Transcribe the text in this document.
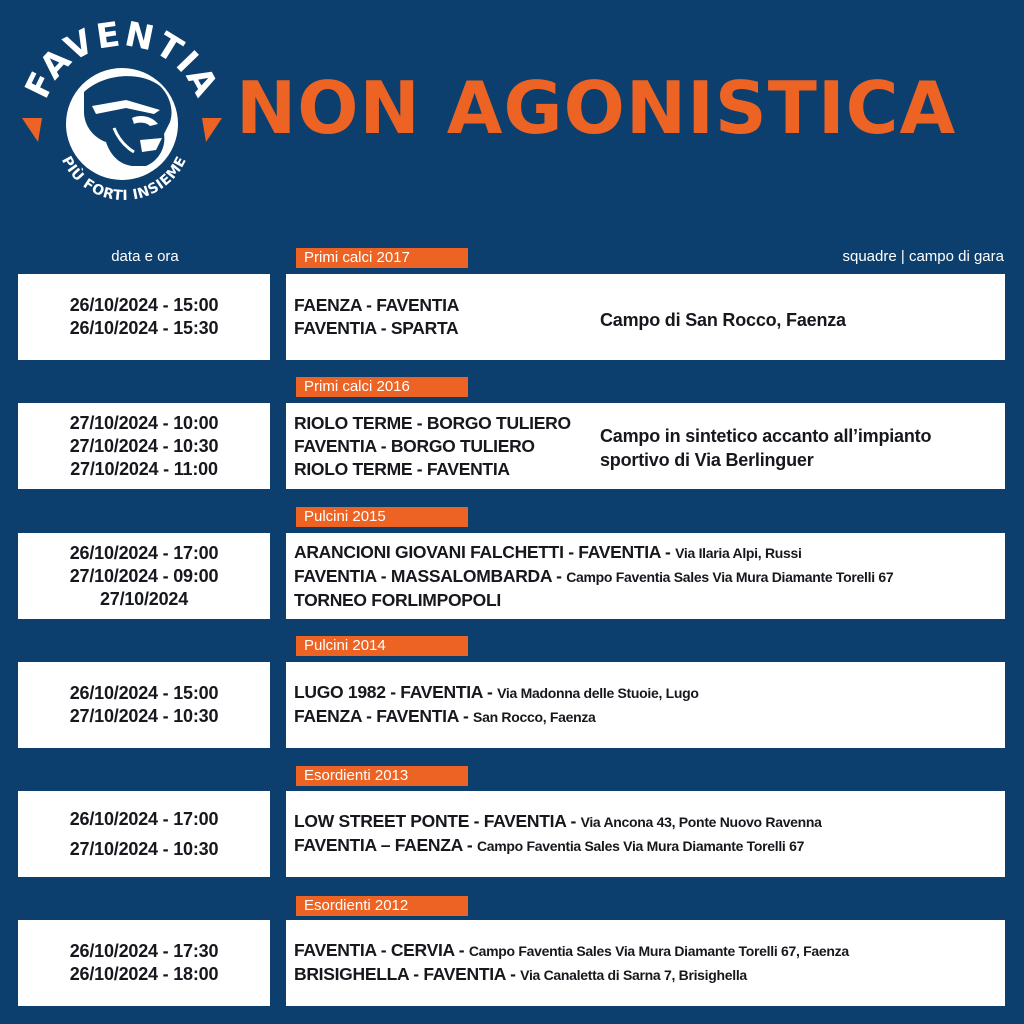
FAVENTIA
PIÙ FORTI INSIEME
NON AGONISTICA
data e ora	squadre | campo di gara
Primi calci 2017
26/10/2024 - 15:00
26/10/2024 - 15:30
FAENZA - FAVENTIA
FAVENTIA - SPARTA	Campo di San Rocco, Faenza
Primi calci 2016
27/10/2024 - 10:00
27/10/2024 - 10:30
27/10/2024 - 11:00
RIOLO TERME - BORGO TULIERO
FAVENTIA - BORGO TULIERO
RIOLO TERME - FAVENTIA
Campo in sintetico accanto all’impianto sportivo di Via Berlinguer
Pulcini 2015
26/10/2024 - 17:00
27/10/2024 - 09:00
27/10/2024
ARANCIONI GIOVANI FALCHETTI - FAVENTIA - Via Ilaria Alpi, Russi
FAVENTIA - MASSALOMBARDA - Campo Faventia Sales Via Mura Diamante Torelli 67
TORNEO FORLIMPOPOLI
Pulcini 2014
26/10/2024 - 15:00
27/10/2024 - 10:30
LUGO 1982 - FAVENTIA - Via Madonna delle Stuoie, Lugo
FAENZA - FAVENTIA - San Rocco, Faenza
Esordienti 2013
26/10/2024 - 17:00
27/10/2024 - 10:30
LOW STREET PONTE - FAVENTIA - Via Ancona 43, Ponte Nuovo Ravenna
FAVENTIA – FAENZA - Campo Faventia Sales Via Mura Diamante Torelli 67
Esordienti 2012
26/10/2024 - 17:30
26/10/2024 - 18:00
FAVENTIA - CERVIA - Campo Faventia Sales Via Mura Diamante Torelli 67, Faenza
BRISIGHELLA - FAVENTIA - Via Canaletta di Sarna 7, Brisighella
